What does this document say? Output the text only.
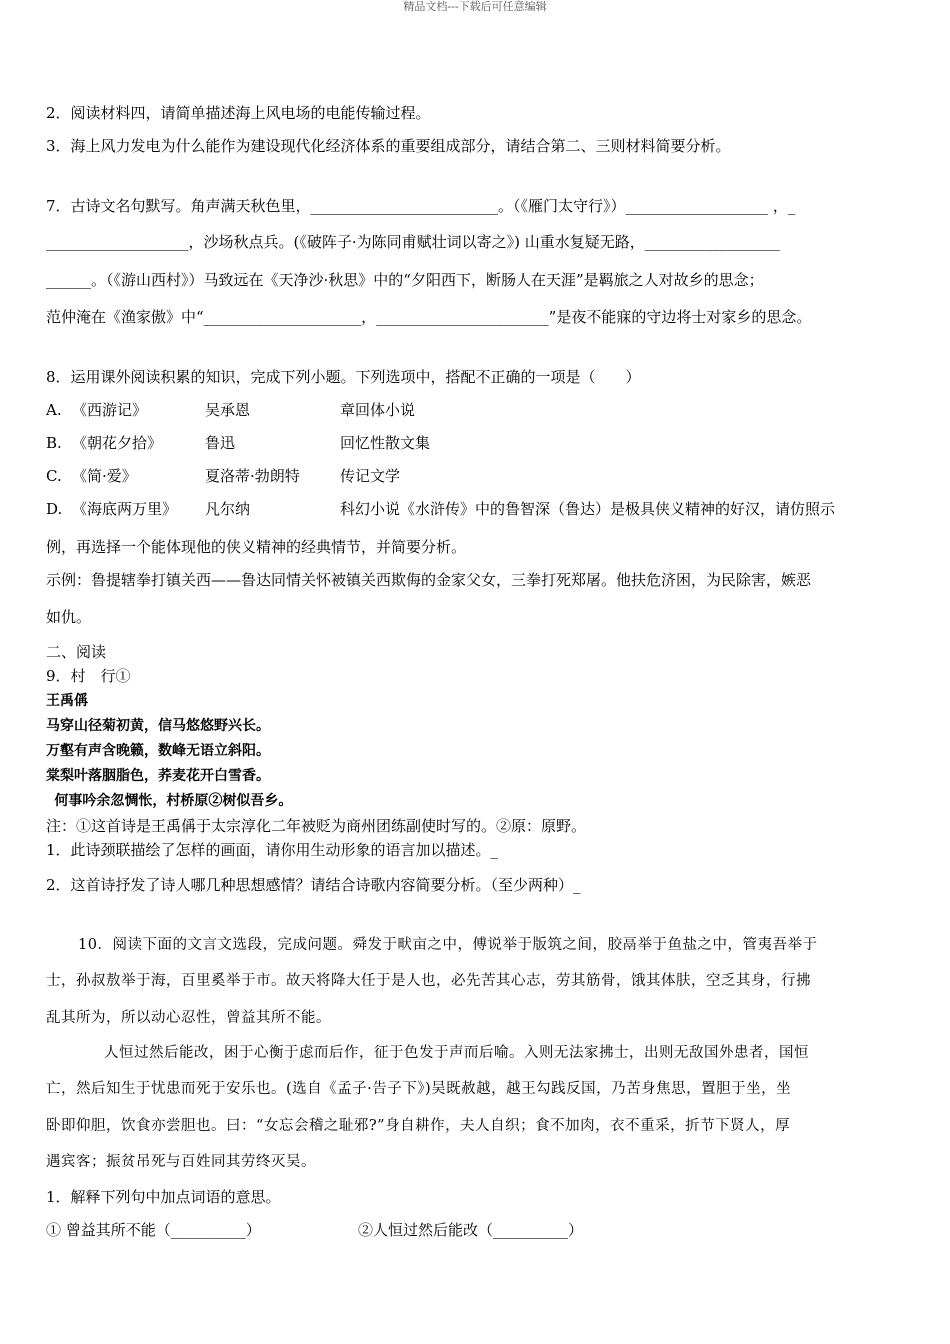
精品文档---下载后可任意编辑
2．阅读材料四，请简单描述海上风电场的电能传输过程。
3．海上风力发电为什么能作为建设现代化经济体系的重要组成部分，请结合第二、三则材料简要分析。
7．古诗文名句默写。角声满天秋色里，_________________________。（《雁门太守行》）___________________ ，_
___________________，沙场秋点兵。(《破阵子·为陈同甫赋壮词以寄之》) 山重水复疑无路，__________________
______。（《游山西村》）马致远在《天净沙·秋思》中的“夕阳西下，断肠人在天涯”是羁旅之人对故乡的思念；
范仲淹在《渔家傲》中“_____________________，_______________________”是夜不能寐的守边将士对家乡的思念。
8．运用课外阅读积累的知识，完成下列小题。下列选项中，搭配不正确的一项是（　　）
A. 《西游记》	吴承恩	章回体小说
B. 《朝花夕拾》	鲁迅	回忆性散文集
C. 《简·爱》	夏洛蒂·勃朗特	传记文学
D. 《海底两万里》 凡尔纳	科幻小说《水浒传》中的鲁智深（鲁达）是极具侠义精神的好汉，请仿照示
例，再选择一个能体现他的侠义精神的经典情节，并简要分析。
示例：鲁提辖拳打镇关西——鲁达同情关怀被镇关西欺侮的金家父女，三拳打死郑屠。他扶危济困，为民除害，嫉恶
如仇。
二、阅读
9．村　行①
王禹偁
马穿山径菊初黄，信马悠悠野兴长。
万壑有声含晚籁，数峰无语立斜阳。
棠梨叶落胭脂色，荞麦花开白雪香。
何事吟余忽惆怅，村桥原②树似吾乡。
注：①这首诗是王禹偁于太宗淳化二年被贬为商州团练副使时写的。②原：原野。
1．此诗颈联描绘了怎样的画面，请你用生动形象的语言加以描述。_
2．这首诗抒发了诗人哪几种思想感情？请结合诗歌内容简要分析。（至少两种）_
10．阅读下面的文言文选段，完成问题。舜发于畎亩之中，傅说举于版筑之间，胶鬲举于鱼盐之中，管夷吾举于
士，孙叔敖举于海，百里奚举于市。故天将降大任于是人也，必先苦其心志，劳其筋骨，饿其体肤，空乏其身，行拂
乱其所为，所以动心忍性，曾益其所不能。
人恒过然后能改，困于心衡于虑而后作，征于色发于声而后喻。入则无法家拂士，出则无敌国外患者，国恒
亡，然后知生于忧患而死于安乐也。(选自《孟子·告子下》)吴既赦越，越王勾践反国，乃苦身焦思，置胆于坐，坐
卧即仰胆，饮食亦尝胆也。曰：“女忘会稽之耻邪?”身自耕作，夫人自织；食不加肉，衣不重采，折节下贤人，厚
遇宾客；振贫吊死与百姓同其劳终灭吴。
1．解释下列句中加点词语的意思。
① 曾益其所不能（__________）	②人恒过然后能改（__________）
